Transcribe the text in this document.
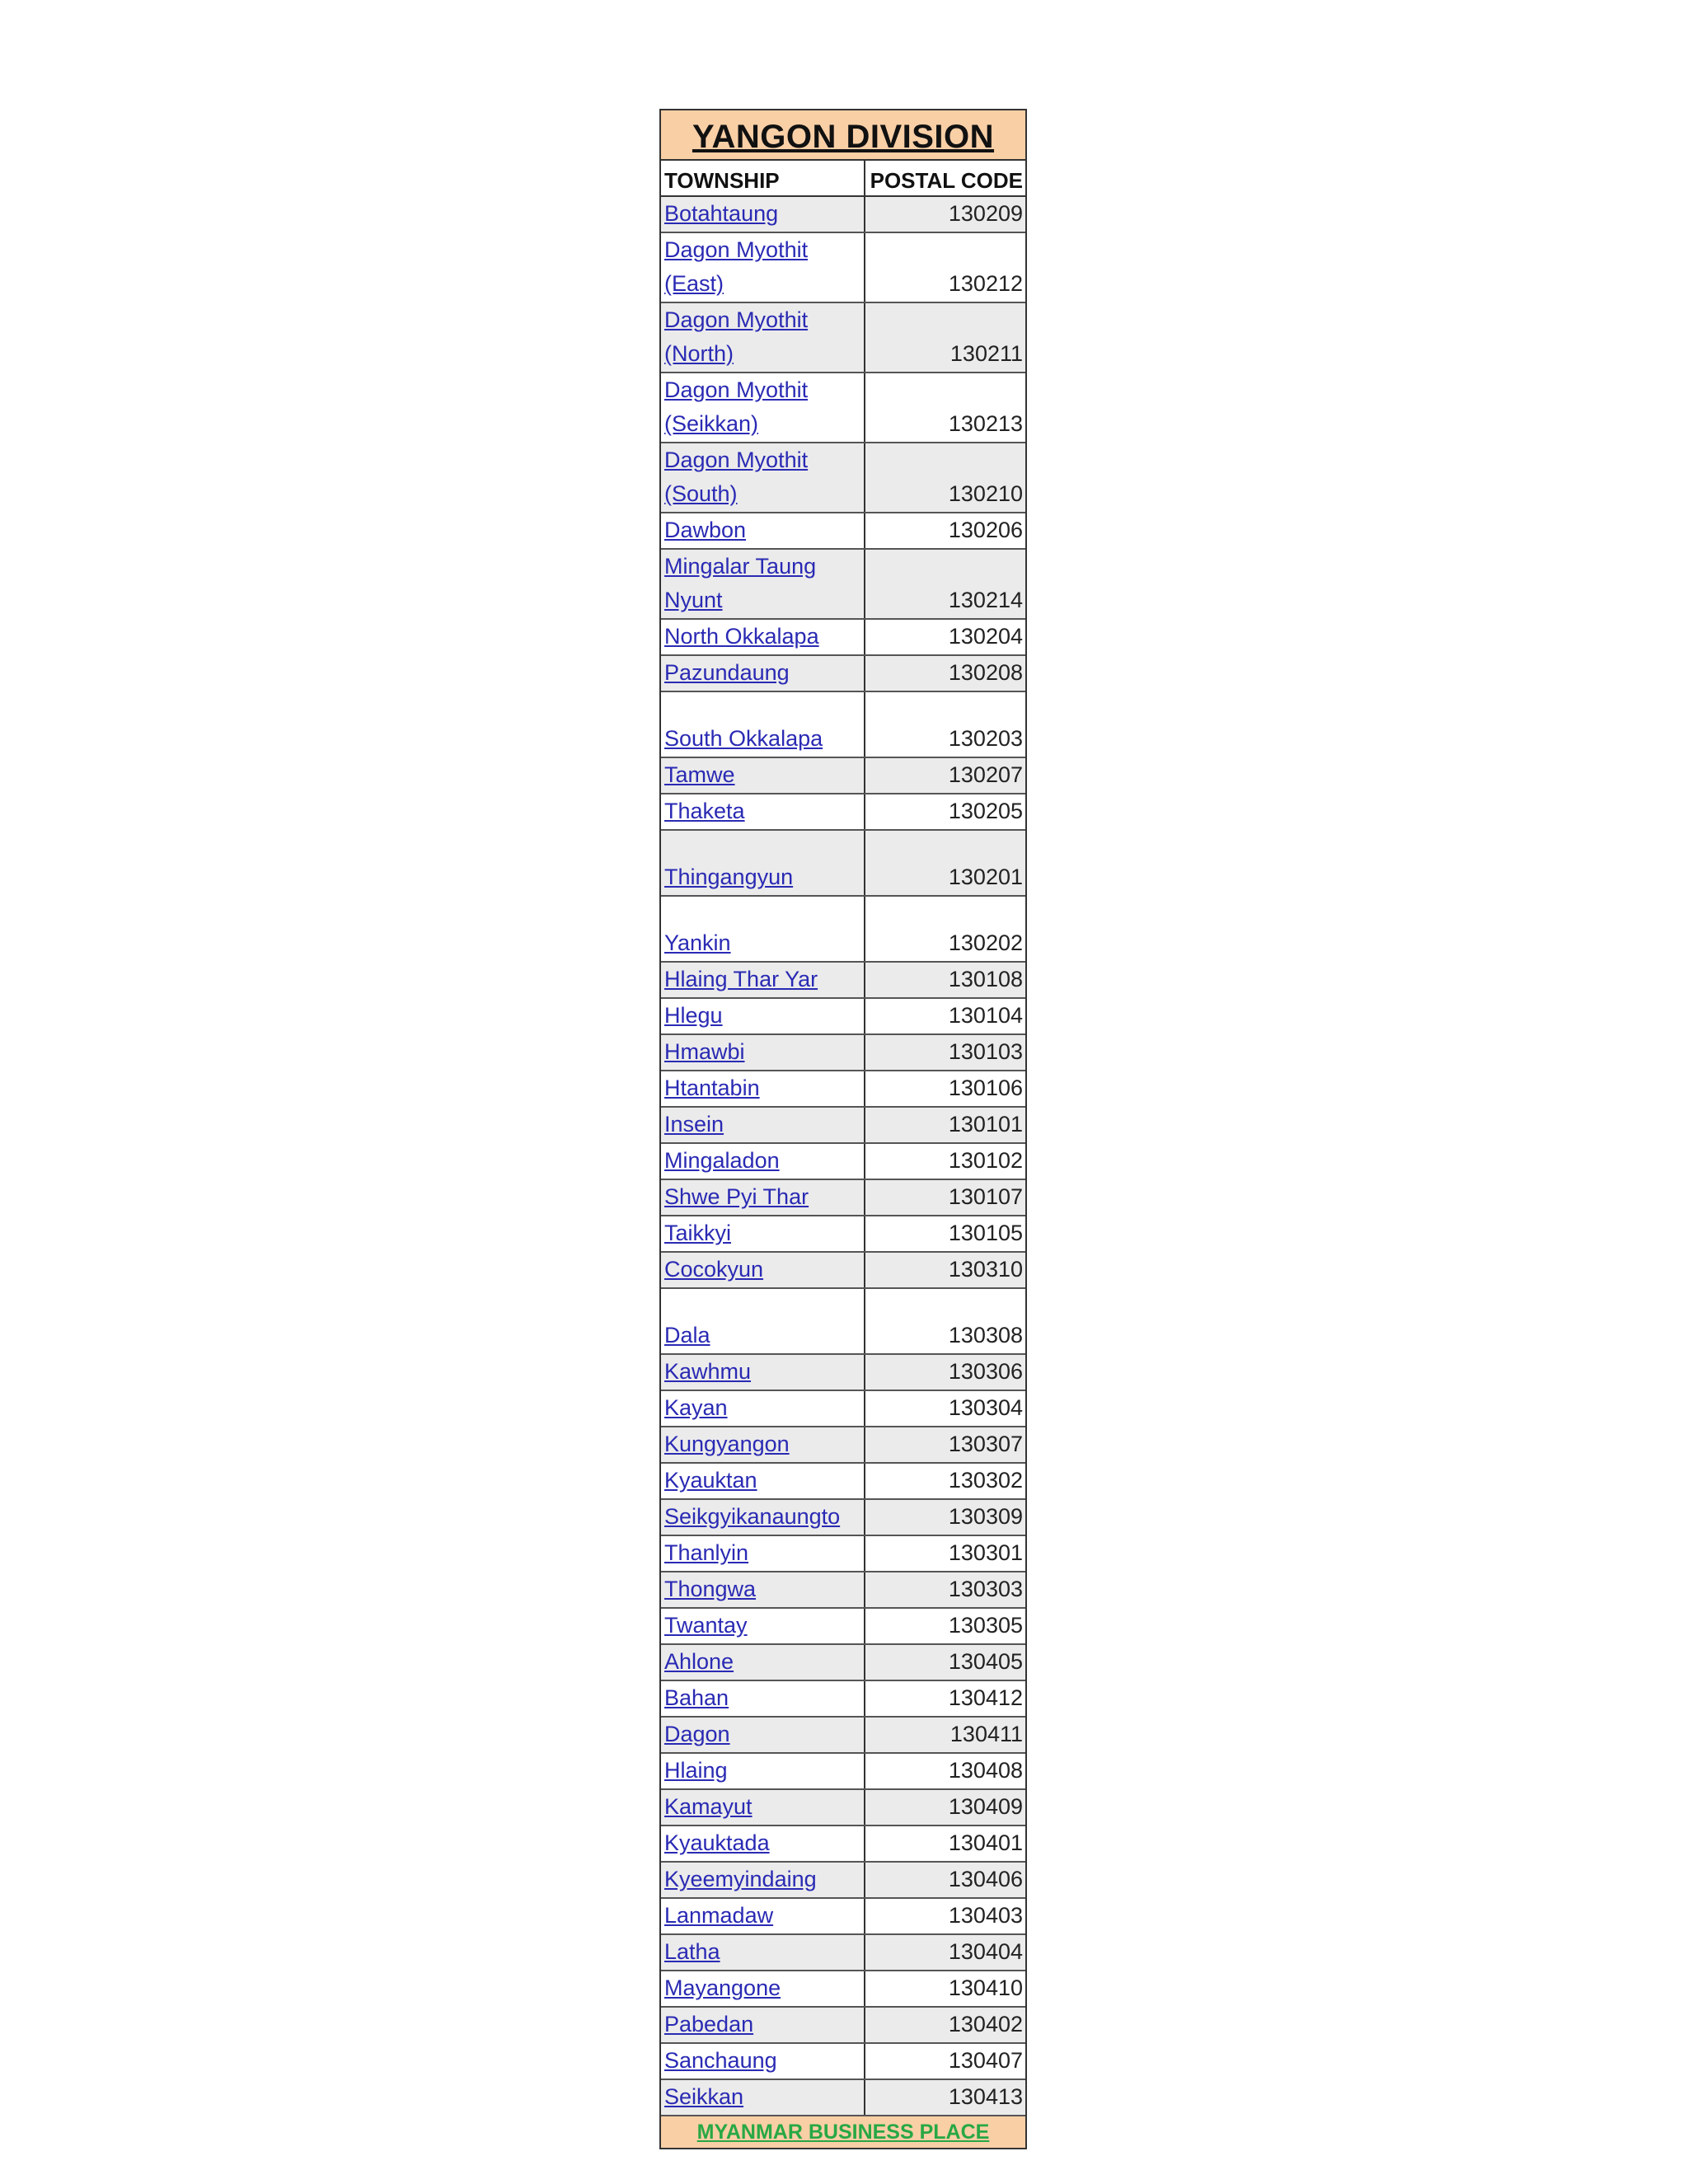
YANGON DIVISION
TOWNSHIP	POSTAL CODE
Botahtaung	130209
Dagon Myothit (East)	130212
Dagon Myothit (North)	130211
Dagon Myothit (Seikkan)	130213
Dagon Myothit (South)	130210
Dawbon	130206
Mingalar Taung Nyunt	130214
North Okkalapa	130204
Pazundaung	130208
South Okkalapa	130203
Tamwe	130207
Thaketa	130205
Thingangyun	130201
Yankin	130202
Hlaing Thar Yar	130108
Hlegu	130104
Hmawbi	130103
Htantabin	130106
Insein	130101
Mingaladon	130102
Shwe Pyi Thar	130107
Taikkyi	130105
Cocokyun	130310
Dala	130308
Kawhmu	130306
Kayan	130304
Kungyangon	130307
Kyauktan	130302
Seikgyikanaungto	130309
Thanlyin	130301
Thongwa	130303
Twantay	130305
Ahlone	130405
Bahan	130412
Dagon	130411
Hlaing	130408
Kamayut	130409
Kyauktada	130401
Kyeemyindaing	130406
Lanmadaw	130403
Latha	130404
Mayangone	130410
Pabedan	130402
Sanchaung	130407
Seikkan	130413
MYANMAR BUSINESS PLACE
